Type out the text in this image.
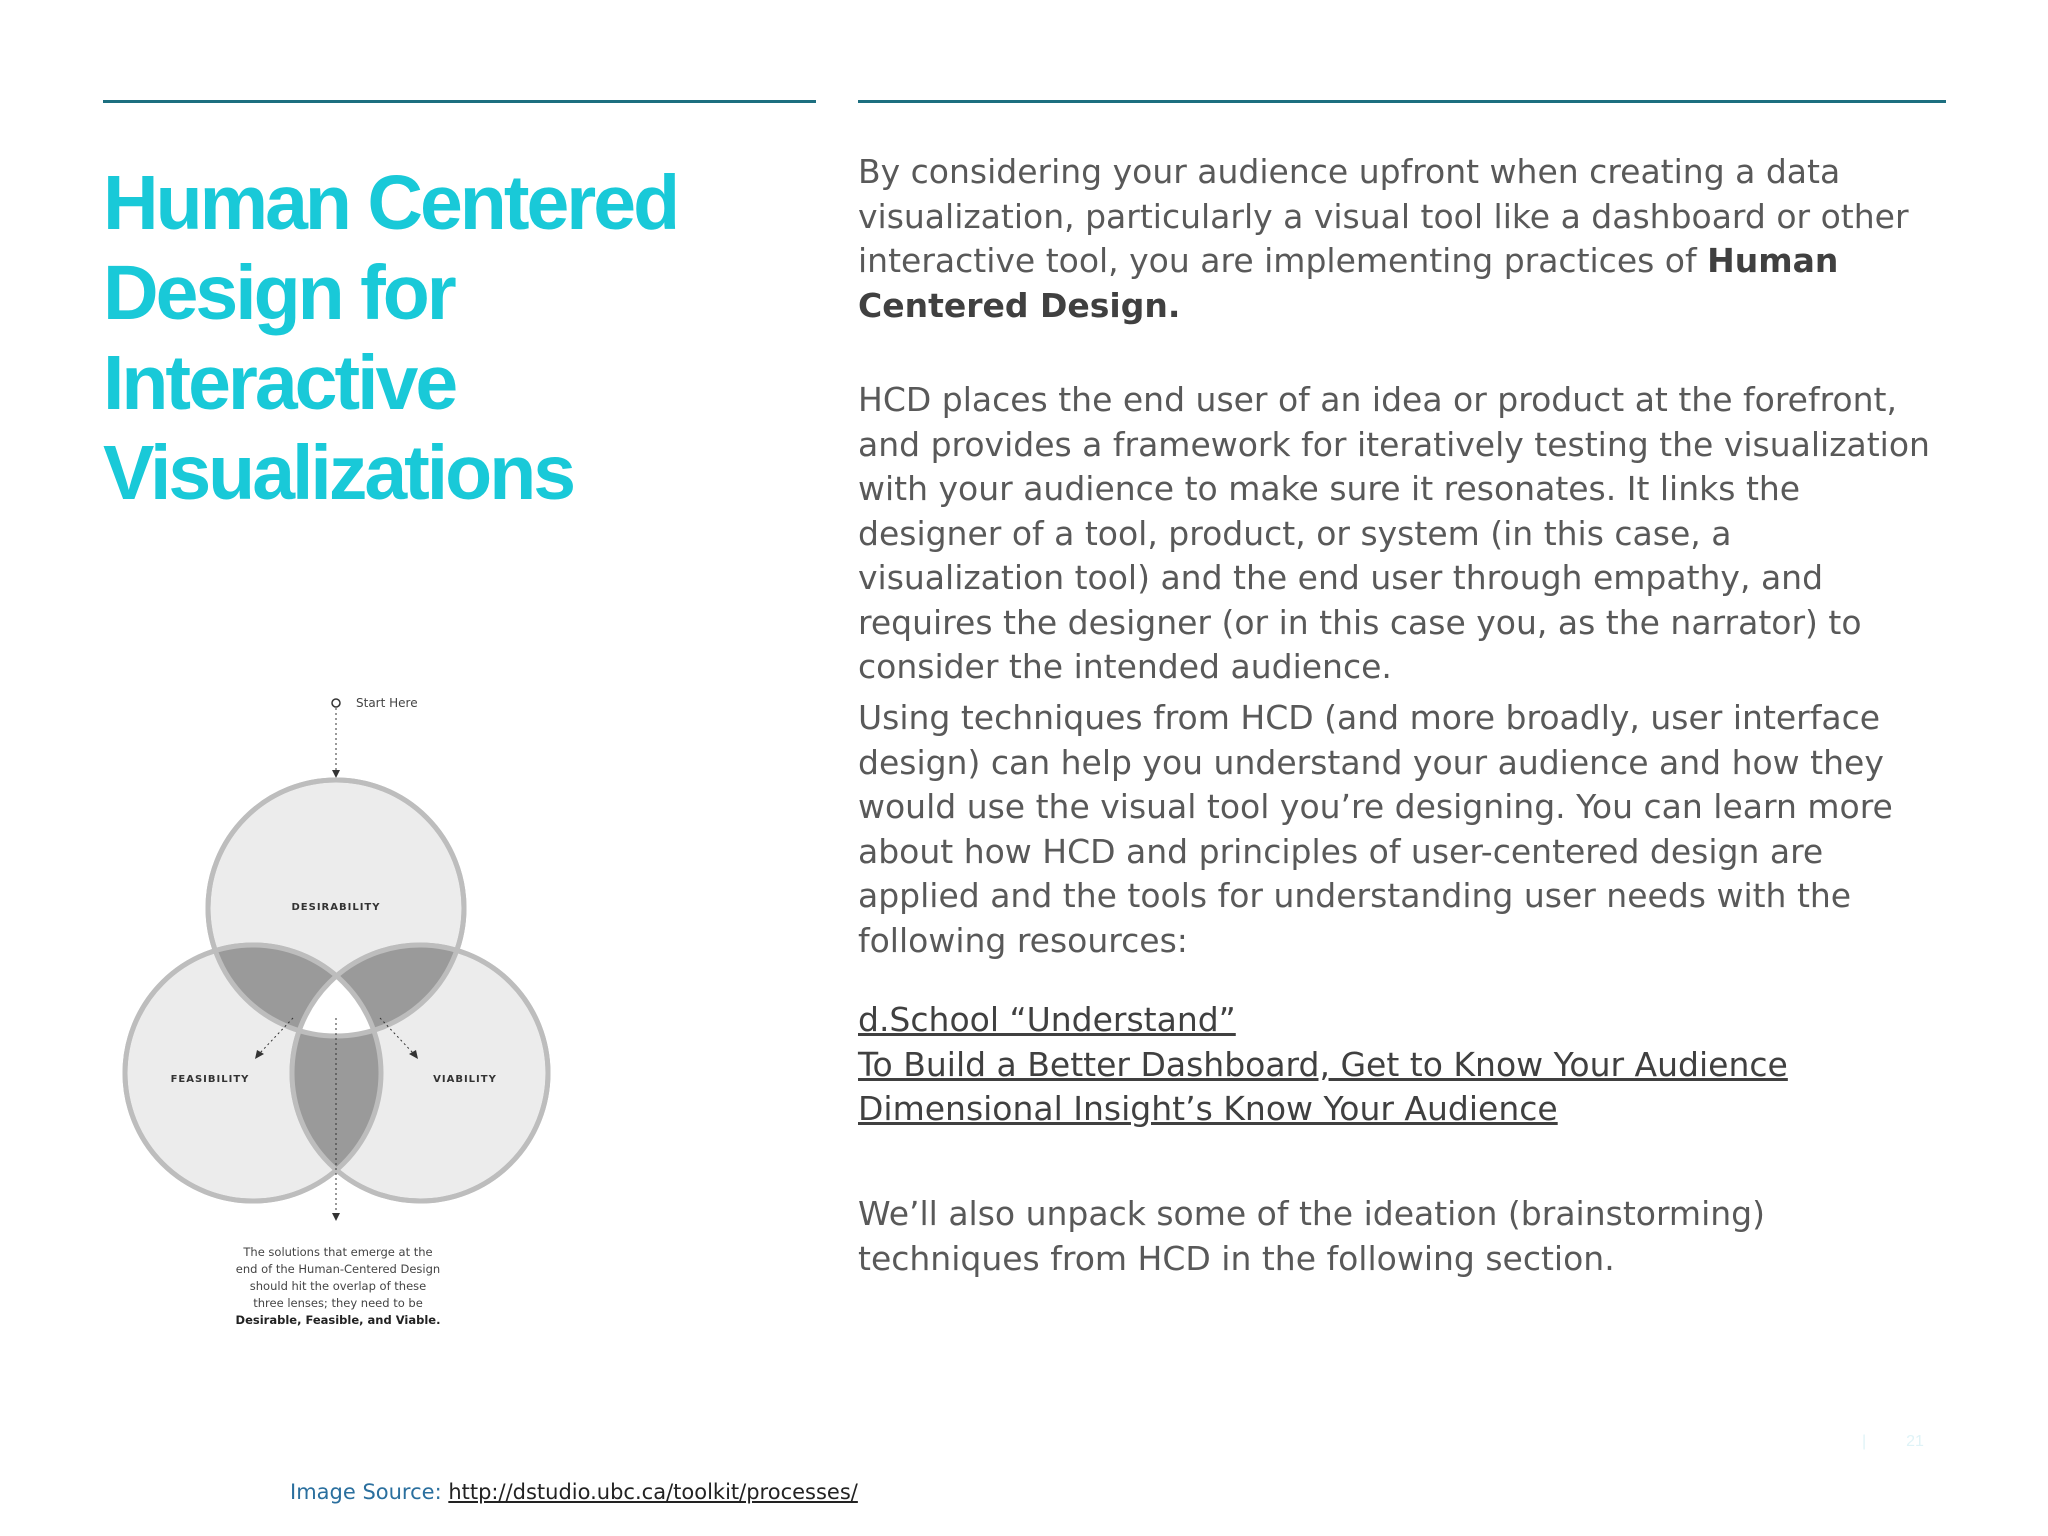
Human Centered
Design for
Interactive
Visualizations
Start Here
DESIRABILITY
FEASIBILITY	VIABILITY
The solutions that emerge at the
end of the Human-Centered Design
should hit the overlap of these
three lenses; they need to be
Desirable, Feasible, and Viable.

By considering your audience upfront when creating a data visualization, particularly a visual tool like a dashboard or other interactive tool, you are implementing practices of Human Centered Design.

HCD places the end user of an idea or product at the forefront, and provides a framework for iteratively testing the visualization with your audience to make sure it resonates. It links the designer of a tool, product, or system (in this case, a visualization tool) and the end user through empathy, and requires the designer (or in this case you, as the narrator) to consider the intended audience.

Using techniques from HCD (and more broadly, user interface design) can help you understand your audience and how they would use the visual tool you’re designing. You can learn more about how HCD and principles of user-centered design are applied and the tools for understanding user needs with the following resources:

d.School “Understand”
To Build a Better Dashboard, Get to Know Your Audience
Dimensional Insight’s Know Your Audience

We’ll also unpack some of the ideation (brainstorming) techniques from HCD in the following section.

Image Source: http://dstudio.ubc.ca/toolkit/processes/
|	21
